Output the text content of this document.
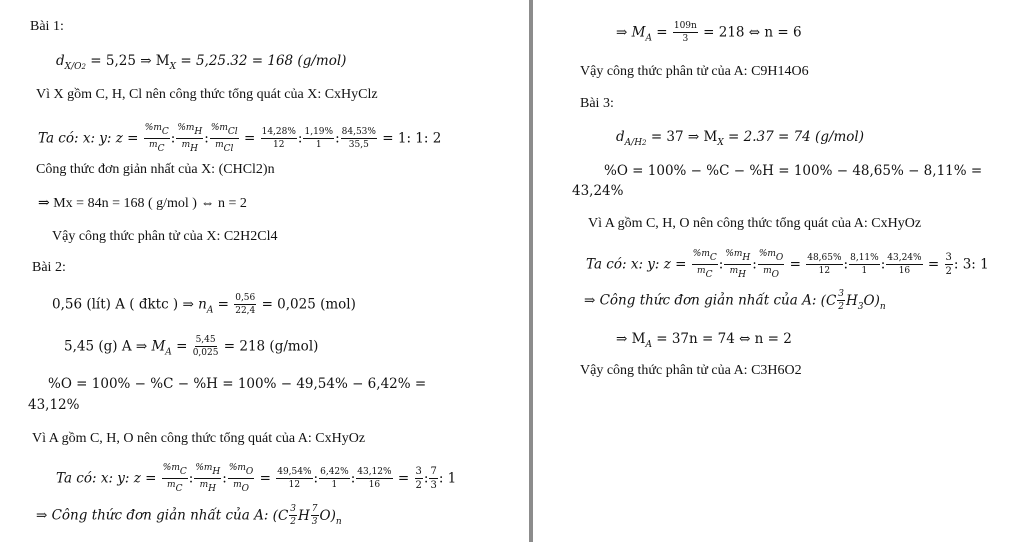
Bài 1:
$d_{X/O2} = 5,25$ ⇒ $M_X = 5,25.32 = 168$ (g/mol)
Vì X gồm C, H, Cl nên công thức tổng quát của X: CxHyClz
Ta có: x: y: $z = \frac{\%mC}{mC}$ : $\frac{\%mH}{mH}$ : $\frac{\text{\%mCl}}{\text{mCl}} = \frac{14,28\%}{12}$ : $\frac{1,19\%}{1}$ : $\frac{84,53\%}{35,5} = 1$: 1: 2
Công thức đơn giản nhất của X: (CHCl2)n
⇒ Mx = 84n = 168 ( g/mol ) ⇔ n = 2
Vậy công thức phân tử của X: C2H2Cl4
Bài 2:
0,56 (lít) A ( đktc ) ⇒ $n_A = \frac{0,56}{22,4} = 0,025$ (mol)
5,45 (g) A ⇒ $M_A = \frac{5,45}{0,025} = 218$ (g/mol)
%O = 100% − %C − %H = 100% − 49,54% − 6,42% =
43,12%
Vì A gồm C, H, O nên công thức tổng quát của A: CxHyOz
Ta có: x: y: $z = \frac{\%mC}{mC}$ : $\frac{\%mH}{mH}$ : $\frac{\%mO}{mO} = \frac{49,54\%}{12}$ : $\frac{6,42\%}{1}$ : $\frac{43,12\%}{16} = \frac{3}{2}$ : $\frac{7}{3}$ : 1
⇒ Công thức đơn giản nhất của A: ($C \frac{3}{2}$ H $\frac{7}{3} O)_n$
⇒ $M_A = \frac{109n}{3} = 218$ ⇔ n = 6
Vậy công thức phân tử của A: C9H14O6
Bài 3:
$d_{A/H2} = 37$ ⇒ $M_X = 2.37 = 74$ (g/mol)
%O = 100% − %C − %H = 100% − 48,65% − 8,11% =
43,24%
Vì A gồm C, H, O nên công thức tổng quát của A: CxHyOz
Ta có: x: y: $z = \frac{\%mC}{mC}$ : $\frac{\%mH}{mH}$ : $\frac{\%mO}{mO} = \frac{48,65\%}{12}$ : $\frac{8,11\%}{1}$ : $\frac{43,24\%}{16} = \frac{3}{2}$ : 3: 1
⇒ Công thức đơn giản nhất của A: $(C \frac{3}{2} H_3O)_n$
⇒ $M_A = 37n = 74$ ⇔ n = 2
Vậy công thức phân tử của A: C3H6O2
